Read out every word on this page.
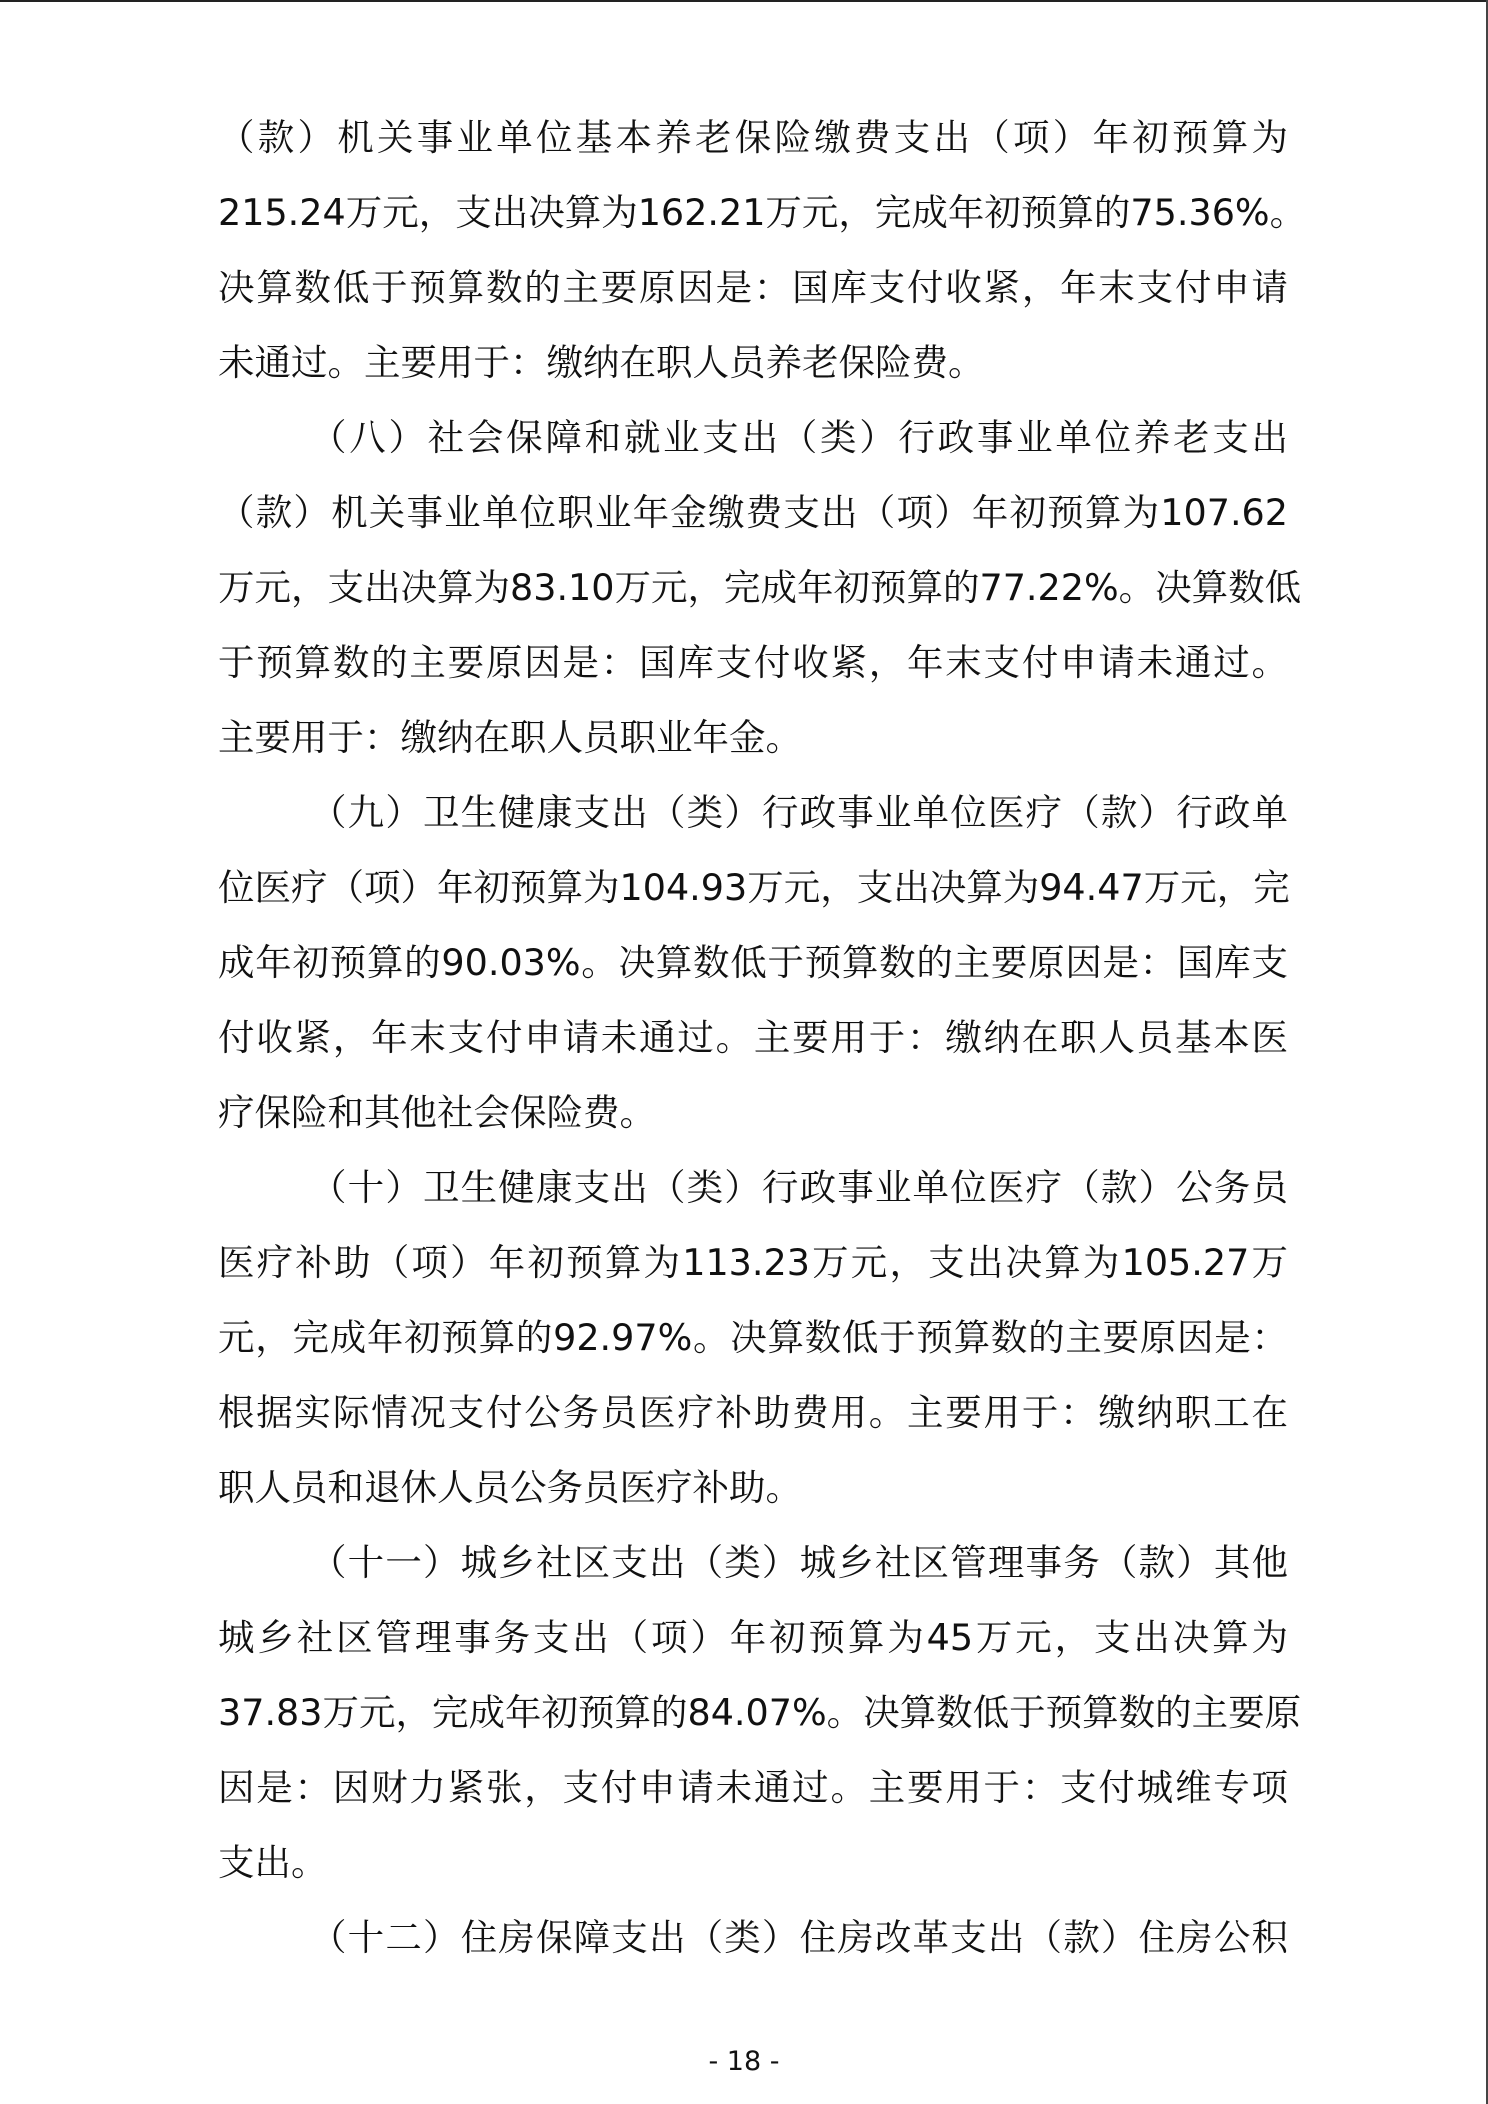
（款）机关事业单位基本养老保险缴费支出（项）年初预算为
215.24万元，支出决算为162.21万元，完成年初预算的75.36%。
决算数低于预算数的主要原因是：国库支付收紧，年末支付申请
未通过。主要用于：缴纳在职人员养老保险费。
（八）社会保障和就业支出（类）行政事业单位养老支出
（款）机关事业单位职业年金缴费支出（项）年初预算为107.62
万元，支出决算为83.10万元，完成年初预算的77.22%。决算数低
于预算数的主要原因是：国库支付收紧，年末支付申请未通过。
主要用于：缴纳在职人员职业年金。
（九）卫生健康支出（类）行政事业单位医疗（款）行政单
位医疗（项）年初预算为104.93万元，支出决算为94.47万元，完
成年初预算的90.03%。决算数低于预算数的主要原因是：国库支
付收紧，年末支付申请未通过。主要用于：缴纳在职人员基本医
疗保险和其他社会保险费。
（十）卫生健康支出（类）行政事业单位医疗（款）公务员
医疗补助（项）年初预算为113.23万元，支出决算为105.27万
元，完成年初预算的92.97%。决算数低于预算数的主要原因是：
根据实际情况支付公务员医疗补助费用。主要用于：缴纳职工在
职人员和退休人员公务员医疗补助。
（十一）城乡社区支出（类）城乡社区管理事务（款）其他
城乡社区管理事务支出（项）年初预算为45万元，支出决算为
37.83万元，完成年初预算的84.07%。决算数低于预算数的主要原
因是：因财力紧张，支付申请未通过。主要用于：支付城维专项
支出。
（十二）住房保障支出（类）住房改革支出（款）住房公积
- 18 -
